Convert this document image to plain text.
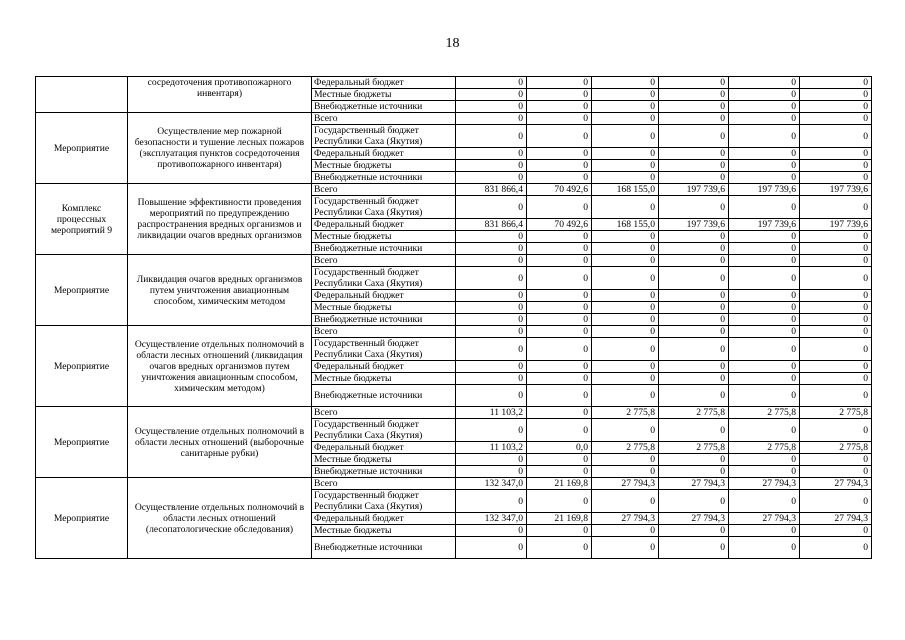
18
	сосредоточения противопожарного инвентаря)	Федеральный бюджет	0	0	0	0	0	0
		Местные бюджеты	0	0	0	0	0	0
		Внебюджетные источники	0	0	0	0	0	0
Мероприятие	Осуществление мер пожарной безопасности и тушение лесных пожаров (эксплуатация пунктов сосредоточения противопожарного инвентаря)	Всего	0	0	0	0	0	0
		Государственный бюджет Республики Саха (Якутия)	0	0	0	0	0	0
		Федеральный бюджет	0	0	0	0	0	0
		Местные бюджеты	0	0	0	0	0	0
		Внебюджетные источники	0	0	0	0	0	0
Комплекс процессных мероприятий 9	Повышение эффективности проведения мероприятий по предупреждению распространения вредных организмов и ликвидации очагов вредных организмов	Всего	831 866,4	70 492,6	168 155,0	197 739,6	197 739,6	197 739,6
		Государственный бюджет Республики Саха (Якутия)	0	0	0	0	0	0
		Федеральный бюджет	831 866,4	70 492,6	168 155,0	197 739,6	197 739,6	197 739,6
		Местные бюджеты	0	0	0	0	0	0
		Внебюджетные источники	0	0	0	0	0	0
Мероприятие	Ликвидация очагов вредных организмов путем уничтожения авиационным способом, химическим методом	Всего	0	0	0	0	0	0
		Государственный бюджет Республики Саха (Якутия)	0	0	0	0	0	0
		Федеральный бюджет	0	0	0	0	0	0
		Местные бюджеты	0	0	0	0	0	0
		Внебюджетные источники	0	0	0	0	0	0
Мероприятие	Осуществление отдельных полномочий в области лесных отношений (ликвидация очагов вредных организмов путем уничтожения авиационным способом, химическим методом)	Всего	0	0	0	0	0	0
		Государственный бюджет Республики Саха (Якутия)	0	0	0	0	0	0
		Федеральный бюджет	0	0	0	0	0	0
		Местные бюджеты	0	0	0	0	0	0
		Внебюджетные источники	0	0	0	0	0	0
Мероприятие	Осуществление отдельных полномочий в области лесных отношений (выборочные санитарные рубки)	Всего	11 103,2	0	2 775,8	2 775,8	2 775,8	2 775,8
		Государственный бюджет Республики Саха (Якутия)	0	0	0	0	0	0
		Федеральный бюджет	11 103,2	0,0	2 775,8	2 775,8	2 775,8	2 775,8
		Местные бюджеты	0	0	0	0	0	0
		Внебюджетные источники	0	0	0	0	0	0
Мероприятие	Осуществление отдельных полномочий в области лесных отношений (лесопатологические обследования)	Всего	132 347,0	21 169,8	27 794,3	27 794,3	27 794,3	27 794,3
		Государственный бюджет Республики Саха (Якутия)	0	0	0	0	0	0
		Федеральный бюджет	132 347,0	21 169,8	27 794,3	27 794,3	27 794,3	27 794,3
		Местные бюджеты	0	0	0	0	0	0
		Внебюджетные источники	0	0	0	0	0	0
